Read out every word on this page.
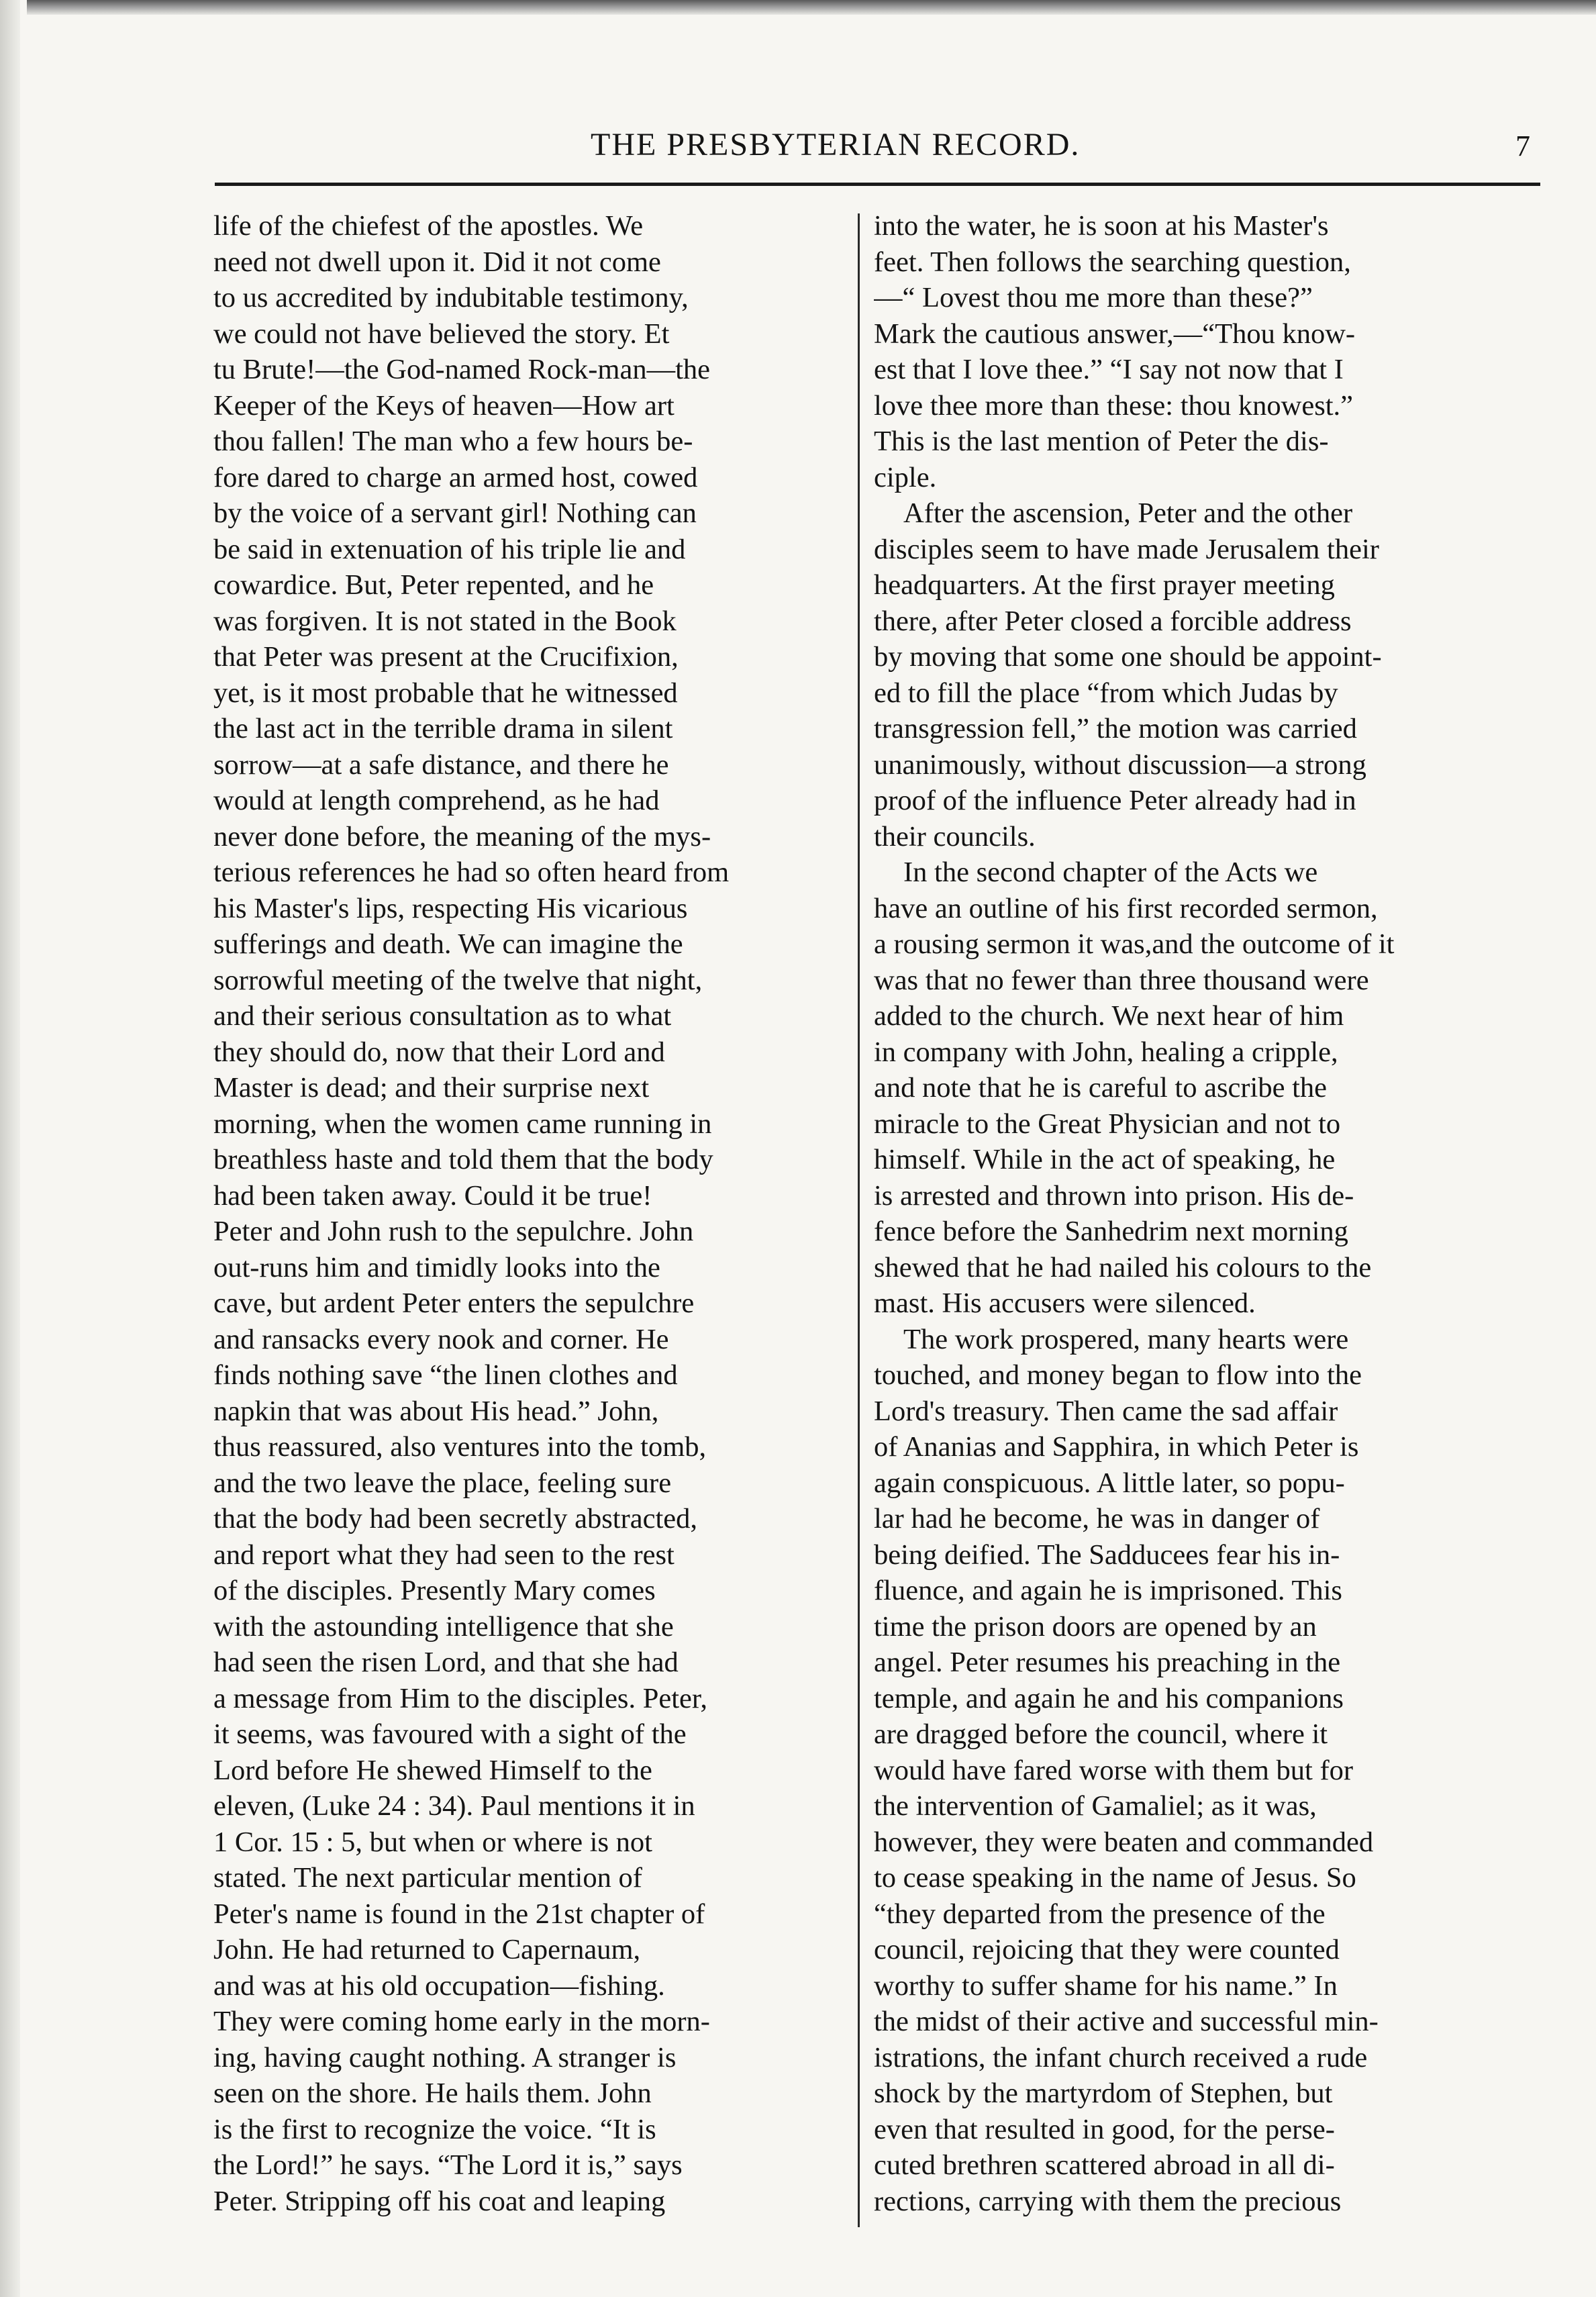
THE PRESBYTERIAN RECORD.	7

life of the chiefest of the apostles. We
need not dwell upon it. Did it not come
to us accredited by indubitable testimony,
we could not have believed the story. Et
tu Brute!—the God-named Rock-man—the
Keeper of the Keys of heaven—How art
thou fallen! The man who a few hours be-
fore dared to charge an armed host, cowed
by the voice of a servant girl! Nothing can
be said in extenuation of his triple lie and
cowardice. But, Peter repented, and he
was forgiven. It is not stated in the Book
that Peter was present at the Crucifixion,
yet, is it most probable that he witnessed
the last act in the terrible drama in silent
sorrow—at a safe distance, and there he
would at length comprehend, as he had
never done before, the meaning of the mys-
terious references he had so often heard from
his Master's lips, respecting His vicarious
sufferings and death. We can imagine the
sorrowful meeting of the twelve that night,
and their serious consultation as to what
they should do, now that their Lord and
Master is dead; and their surprise next
morning, when the women came running in
breathless haste and told them that the body
had been taken away. Could it be true!
Peter and John rush to the sepulchre. John
out-runs him and timidly looks into the
cave, but ardent Peter enters the sepulchre
and ransacks every nook and corner. He
finds nothing save “the linen clothes and
napkin that was about His head.” John,
thus reassured, also ventures into the tomb,
and the two leave the place, feeling sure
that the body had been secretly abstracted,
and report what they had seen to the rest
of the disciples. Presently Mary comes
with the astounding intelligence that she
had seen the risen Lord, and that she had
a message from Him to the disciples. Peter,
it seems, was favoured with a sight of the
Lord before He shewed Himself to the
eleven, (Luke 24 : 34). Paul mentions it in
1 Cor. 15 : 5, but when or where is not
stated. The next particular mention of
Peter's name is found in the 21st chapter of
John. He had returned to Capernaum,
and was at his old occupation—fishing.
They were coming home early in the morn-
ing, having caught nothing. A stranger is
seen on the shore. He hails them. John
is the first to recognize the voice. “It is
the Lord!” he says. “The Lord it is,” says
Peter. Stripping off his coat and leaping

into the water, he is soon at his Master's
feet. Then follows the searching question,
—“ Lovest thou me more than these?”
Mark the cautious answer,—“Thou know-
est that I love thee.” “I say not now that I
love thee more than these: thou knowest.”
This is the last mention of Peter the dis-
ciple.

After the ascension, Peter and the other
disciples seem to have made Jerusalem their
headquarters. At the first prayer meeting
there, after Peter closed a forcible address
by moving that some one should be appoint-
ed to fill the place “from which Judas by
transgression fell,” the motion was carried
unanimously, without discussion—a strong
proof of the influence Peter already had in
their councils.

In the second chapter of the Acts we
have an outline of his first recorded sermon,
a rousing sermon it was,and the outcome of it
was that no fewer than three thousand were
added to the church. We next hear of him
in company with John, healing a cripple,
and note that he is careful to ascribe the
miracle to the Great Physician and not to
himself. While in the act of speaking, he
is arrested and thrown into prison. His de-
fence before the Sanhedrim next morning
shewed that he had nailed his colours to the
mast. His accusers were silenced.

The work prospered, many hearts were
touched, and money began to flow into the
Lord's treasury. Then came the sad affair
of Ananias and Sapphira, in which Peter is
again conspicuous. A little later, so popu-
lar had he become, he was in danger of
being deified. The Sadducees fear his in-
fluence, and again he is imprisoned. This
time the prison doors are opened by an
angel. Peter resumes his preaching in the
temple, and again he and his companions
are dragged before the council, where it
would have fared worse with them but for
the intervention of Gamaliel; as it was,
however, they were beaten and commanded
to cease speaking in the name of Jesus. So
“they departed from the presence of the
council, rejoicing that they were counted
worthy to suffer shame for his name.” In
the midst of their active and successful min-
istrations, the infant church received a rude
shock by the martyrdom of Stephen, but
even that resulted in good, for the perse-
cuted brethren scattered abroad in all di-
rections, carrying with them the precious
